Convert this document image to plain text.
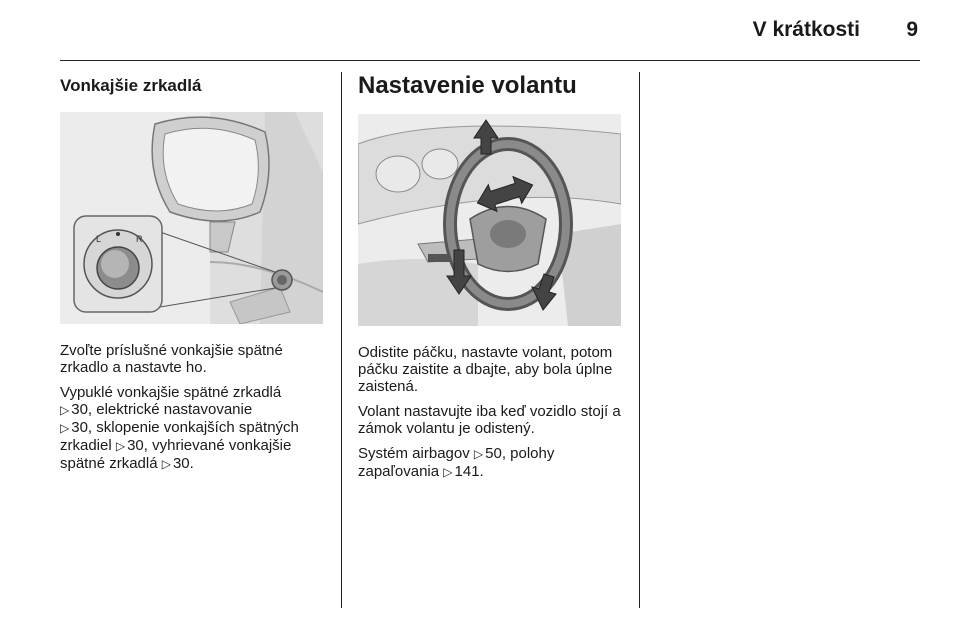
V krátkosti 9
Vonkajšie zrkadlá
L	R

Zvoľte príslušné vonkajšie spätné zrkadlo a nastavte ho.

Vypuklé vonkajšie spätné zrkadlá
▷ 30, elektrické nastavovanie
▷ 30, sklopenie vonkajších spätných zrkadiel ▷ 30, vyhrievané vonkajšie spätné zrkadlá ▷ 30.

Nastavenie volantu

Odistite páčku, nastavte volant, potom páčku zaistite a dbajte, aby bola úplne zaistená.

Volant nastavujte iba keď vozidlo stojí a zámok volantu je odistený.

Systém airbagov ▷ 50, polohy zapaľovania ▷ 141.
